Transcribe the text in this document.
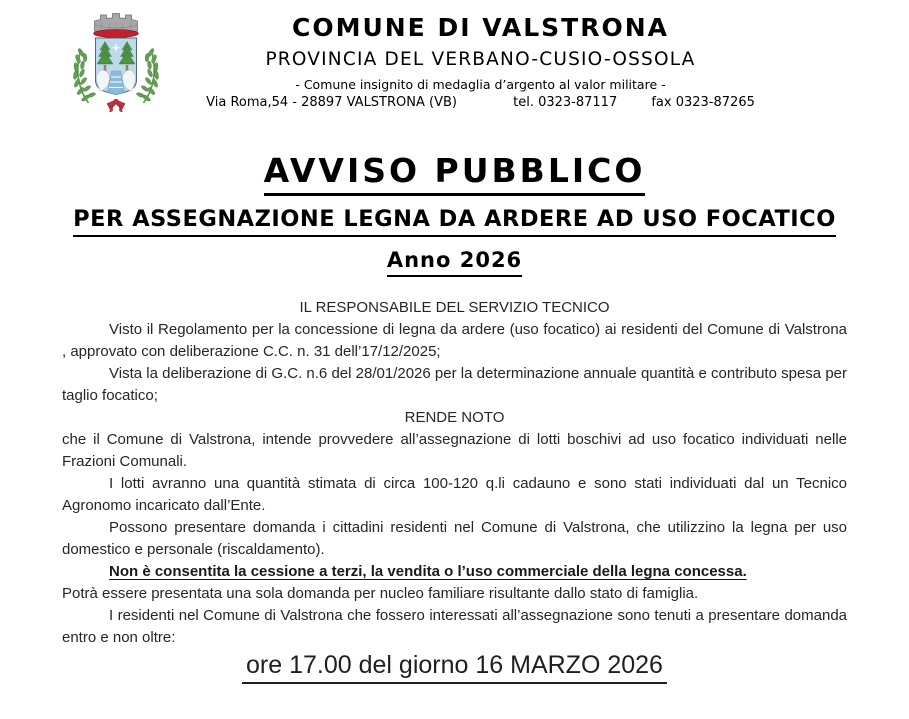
COMUNE DI VALSTRONA
PROVINCIA DEL VERBANO-CUSIO-OSSOLA
- Comune insignito di medaglia d’argento al valor militare -
Via Roma,54 - 28897 VALSTRONA (VB)	tel. 0323-87117	fax 0323-87265
AVVISO PUBBLICO
PER ASSEGNAZIONE LEGNA DA ARDERE AD USO FOCATICO
Anno 2026

IL RESPONSABILE DEL SERVIZIO TECNICO

Visto il Regolamento per la concessione di legna da ardere (uso focatico) ai residenti del Comune di Valstrona , approvato con deliberazione C.C. n. 31 dell’17/12/2025;

Vista la deliberazione di G.C. n.6 del 28/01/2026 per la determinazione annuale quantità e contributo spesa per taglio focatico;

RENDE NOTO

che il Comune di Valstrona, intende provvedere all’assegnazione di lotti boschivi ad uso focatico individuati nelle Frazioni Comunali.

I lotti avranno una quantità stimata di circa 100-120 q.li cadauno e sono stati individuati dal un Tecnico Agronomo incaricato dall’Ente.

Possono presentare domanda i cittadini residenti nel Comune di Valstrona, che utilizzino la legna per uso domestico e personale (riscaldamento).

Non è consentita la cessione a terzi, la vendita o l’uso commerciale della legna concessa.

Potrà essere presentata una sola domanda per nucleo familiare risultante dallo stato di famiglia.

I residenti nel Comune di Valstrona che fossero interessati all’assegnazione sono tenuti a presentare domanda entro e non oltre:

ore 17.00 del giorno 16 MARZO 2026
